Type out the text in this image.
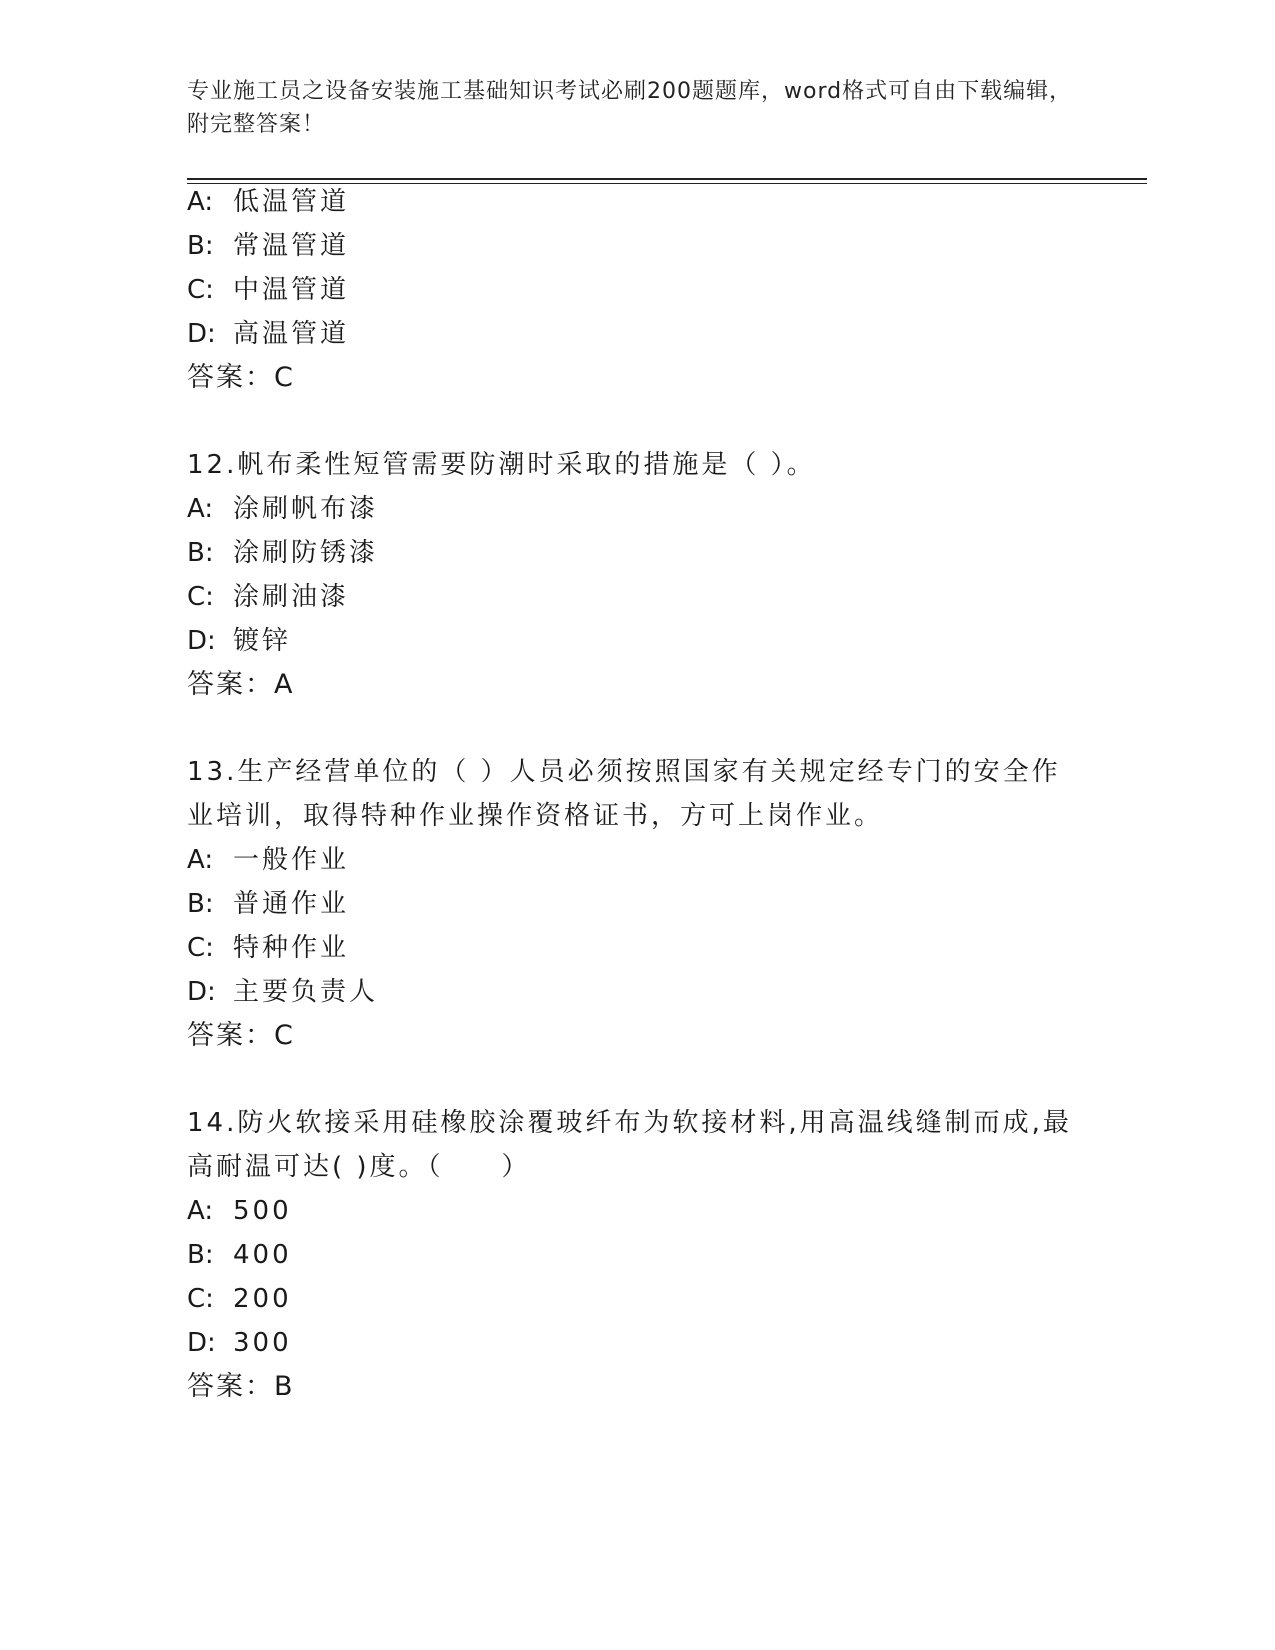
专业施工员之设备安装施工基础知识考试必刷200题题库，word格式可自由下载编辑，附完整答案！
A: 低温管道
B: 常温管道
C: 中温管道
D: 高温管道
答案：C
12.帆布柔性短管需要防潮时采取的措施是（ ）。
A: 涂刷帆布漆
B: 涂刷防锈漆
C: 涂刷油漆
D: 镀锌
答案：A
13.生产经营单位的（ ）人员必须按照国家有关规定经专门的安全作
业培训，取得特种作业操作资格证书，方可上岗作业。
A: 一般作业
B: 普通作业
C: 特种作业
D: 主要负责人
答案：C
14.防火软接采用硅橡胶涂覆玻纤布为软接材料,用高温线缝制而成,最
高耐温可达( )度。（　　）
A: 500
B: 400
C: 200
D: 300
答案：B
